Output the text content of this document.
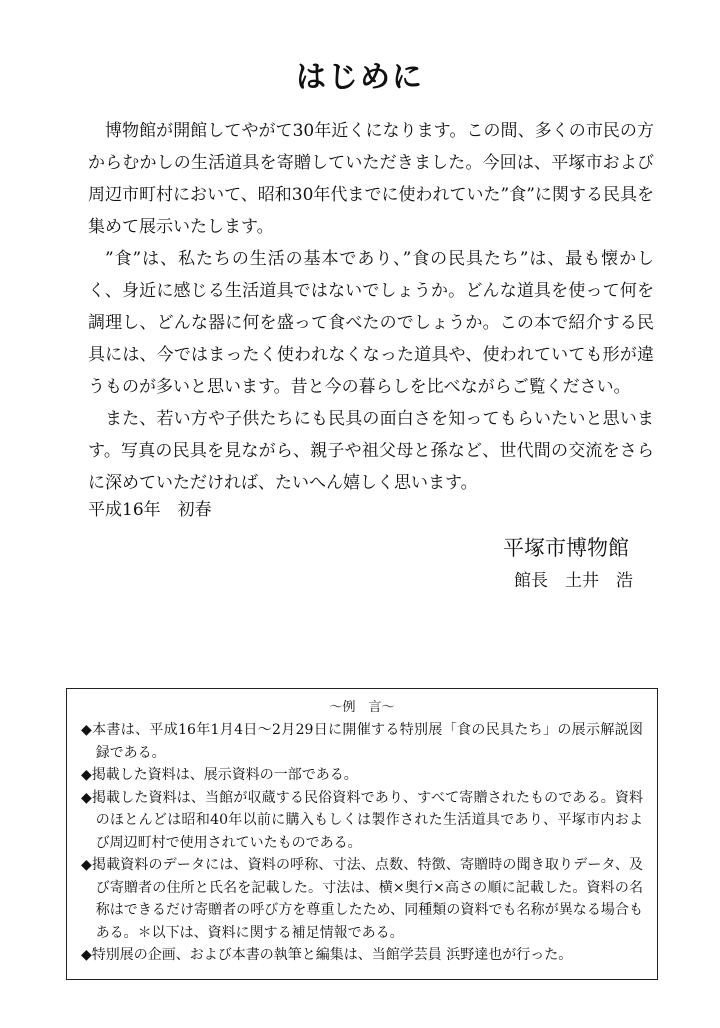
はじめに

博物館が開館してやがて30年近くになります。この間、多くの市民の方からむかしの生活道具を寄贈していただきました。今回は、平塚市および周辺市町村において、昭和30年代までに使われていた”食”に関する民具を集めて展示いたします。

”食”は、私たちの生活の基本であり、”食の民具たち”は、最も懐かしく、身近に感じる生活道具ではないでしょうか。どんな道具を使って何を調理し、どんな器に何を盛って食べたのでしょうか。この本で紹介する民具には、今ではまったく使われなくなった道具や、使われていても形が違うものが多いと思います。昔と今の暮らしを比べながらご覧ください。

また、若い方や子供たちにも民具の面白さを知ってもらいたいと思います。写真の民具を見ながら、親子や祖父母と孫など、世代間の交流をさらに深めていただければ、たいへん嬉しく思います。

平成16年　初春
平塚市博物館
館長　土井　浩
〜例　言〜

◆本書は、平成16年1月4日〜2月29日に開催する特別展「食の民具たち」の展示解説図録である。

◆掲載した資料は、展示資料の一部である。

◆掲載した資料は、当館が収蔵する民俗資料であり、すべて寄贈されたものである。資料のほとんどは昭和40年以前に購入もしくは製作された生活道具であり、平塚市内および周辺町村で使用されていたものである。

◆掲載資料のデータには、資料の呼称、寸法、点数、特徴、寄贈時の聞き取りデータ、及び寄贈者の住所と氏名を記載した。寸法は、横×奥行×高さの順に記載した。資料の名称はできるだけ寄贈者の呼び方を尊重したため、同種類の資料でも名称が異なる場合もある。＊以下は、資料に関する補足情報である。

◆特別展の企画、および本書の執筆と編集は、当館学芸員 浜野達也が行った。
